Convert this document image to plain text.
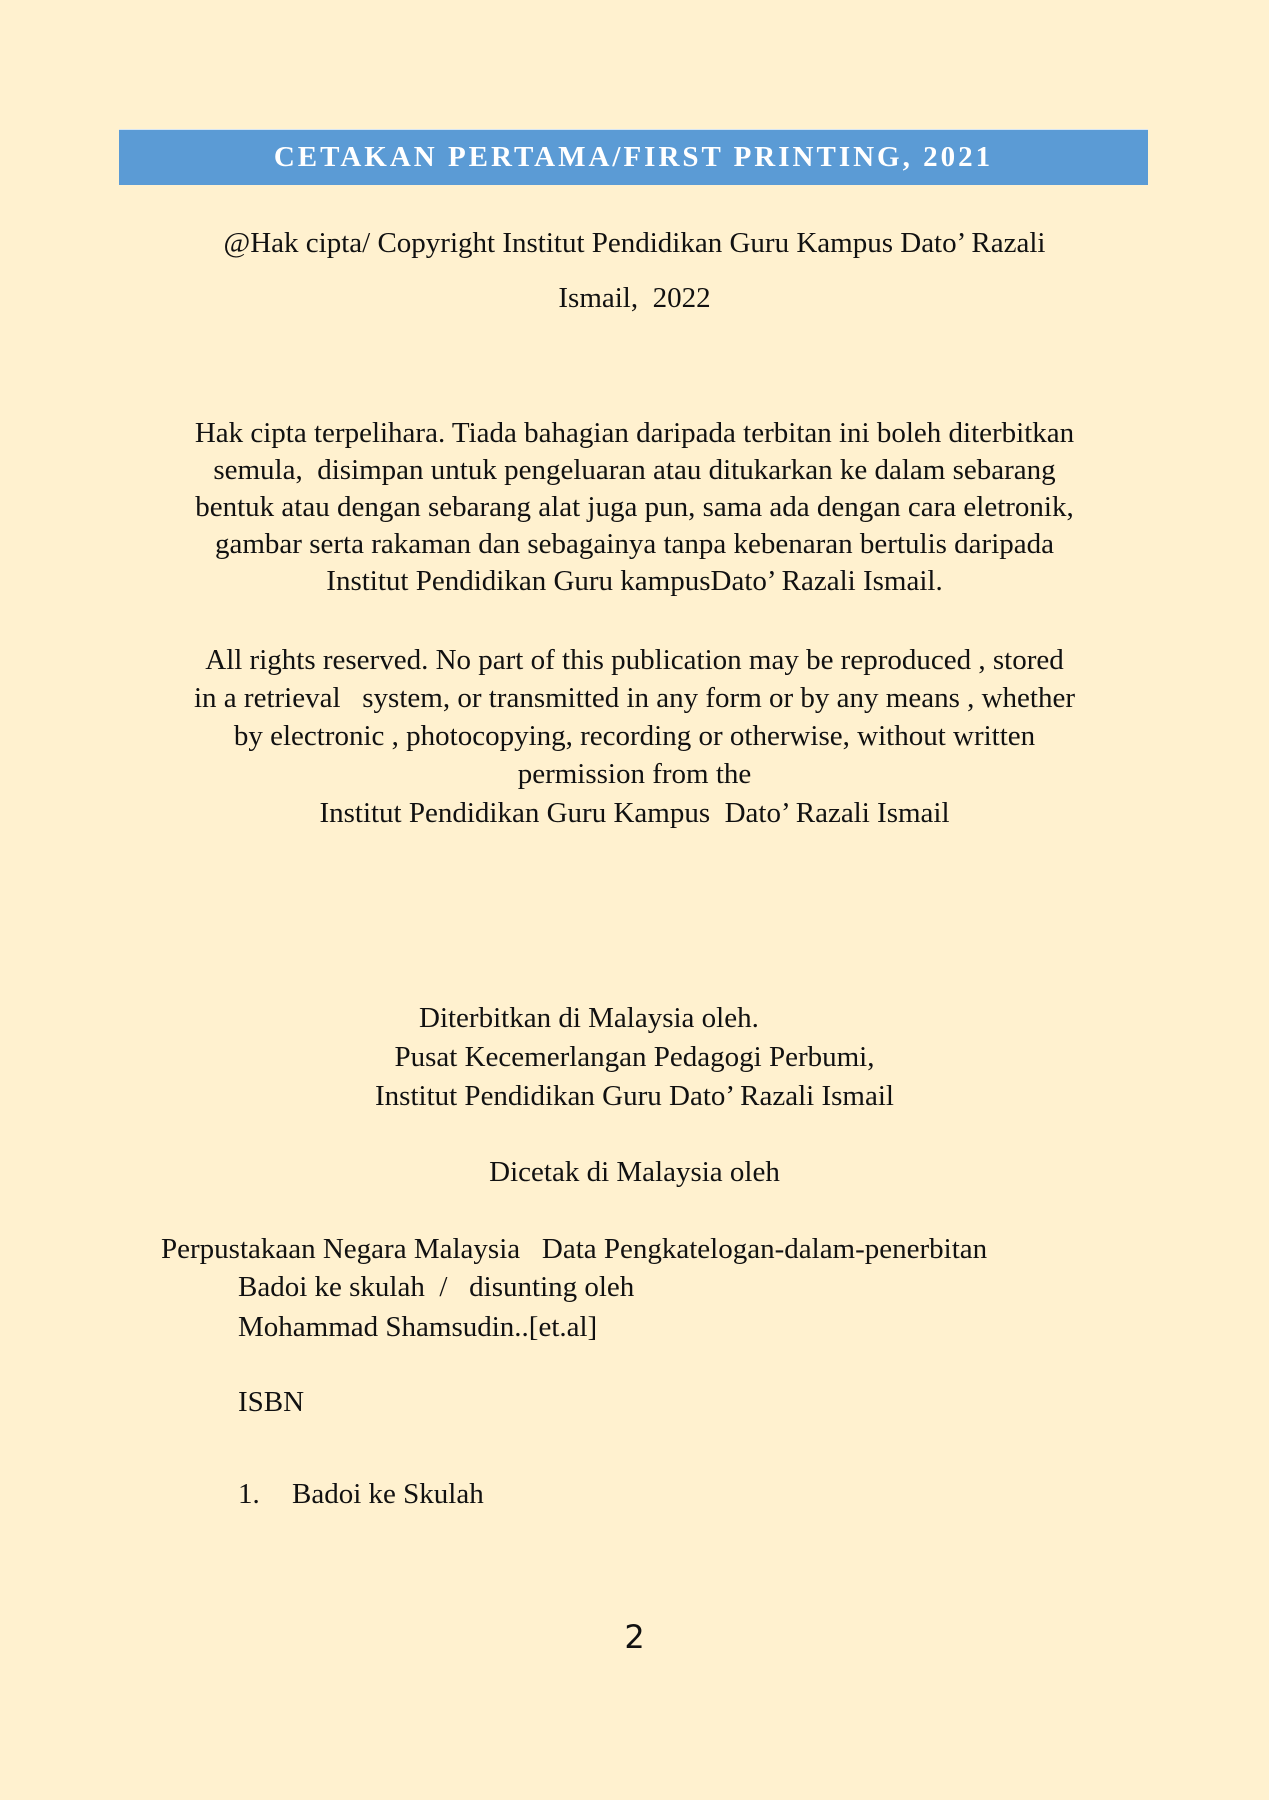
CETAKAN PERTAMA/FIRST PRINTING, 2021
@Hak cipta/ Copyright Institut Pendidikan Guru Kampus Dato’ Razali
Ismail,  2022
Hak cipta terpelihara. Tiada bahagian daripada terbitan ini boleh diterbitkan
semula,  disimpan untuk pengeluaran atau ditukarkan ke dalam sebarang
bentuk atau dengan sebarang alat juga pun, sama ada dengan cara eletronik,
gambar serta rakaman dan sebagainya tanpa kebenaran bertulis daripada
Institut Pendidikan Guru kampusDato’ Razali Ismail.
All rights reserved. No part of this publication may be reproduced , stored
in a retrieval   system, or transmitted in any form or by any means , whether
by electronic , photocopying, recording or otherwise, without written
permission from the
Institut Pendidikan Guru Kampus  Dato’ Razali Ismail
Diterbitkan di Malaysia oleh.
Pusat Kecemerlangan Pedagogi Perbumi,
Institut Pendidikan Guru Dato’ Razali Ismail
Dicetak di Malaysia oleh
Perpustakaan Negara Malaysia   Data Pengkatelogan-dalam-penerbitan
Badoi ke skulah  /   disunting oleh
Mohammad Shamsudin..[et.al]
ISBN
1. Badoi ke Skulah
2
